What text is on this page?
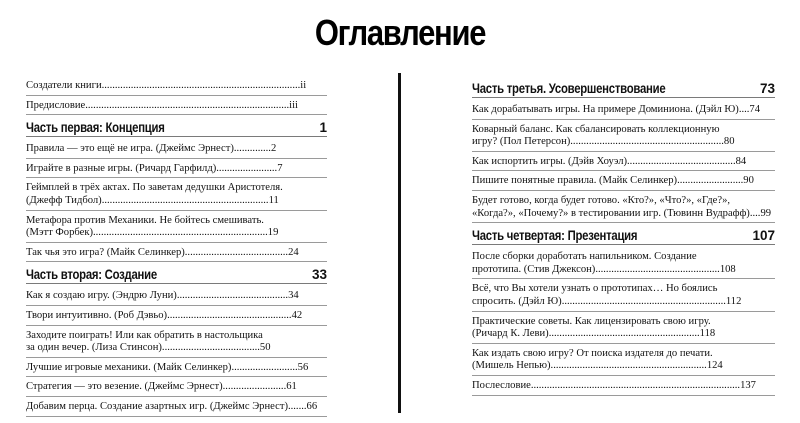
Оглавление
Создатели книги...........................................................................ii
Предисловие.............................................................................iii
Часть первая: Концепция	1
Правила — это ещё не игра. (Джеймс Эрнест)..............2
Играйте в разные игры. (Ричард Гарфилд).......................7
Геймплей в трёх актах. По заветам дедушки Аристотеля.
(Джефф Тидбол)...............................................................11
Метафора против Механики. Не бойтесь смешивать.
(Мэтт Форбек)..................................................................19
Так чья это игра? (Майк Селинкер).......................................24
Часть вторая: Создание	33
Как я создаю игру. (Эндрю Луни)..........................................34
Твори интуитивно. (Роб Дэвьо)...............................................42
Заходите поиграть! Или как обратить в настольщика
за один вечер. (Лиза Стинсон).....................................50
Лучшие игровые механики. (Майк Селинкер).........................56
Стратегия — это везение. (Джеймс Эрнест)........................61
Добавим перца. Создание азартных игр. (Джеймс Эрнест).......66
Часть третья. Усовершенствование	73
Как дорабатывать игры. На примере Доминиона. (Дэйл Ю)....74
Коварный баланс. Как сбалансировать коллекционную
игру? (Пол Петерсон)..........................................................80
Как испортить игры. (Дэйв Хоуэл).........................................84
Пишите понятные правила. (Майк Селинкер).........................90
Будет готово, когда будет готово. «Кто?», «Что?», «Где?»,
«Когда?», «Почему?» в тестировании игр. (Тювинн Вудрафф)....99
Часть четвертая: Презентация	107
После сборки доработать напильником. Создание
прототипа. (Стив Джексон)...............................................108
Всё, что Вы хотели узнать о прототипах… Но боялись
спросить. (Дэйл Ю)..............................................................112
Практические советы. Как лицензировать свою игру.
(Ричард К. Леви).........................................................118
Как издать свою игру? От поиска издателя до печати.
(Мишель Непью)...........................................................124
Послесловие...............................................................................137
